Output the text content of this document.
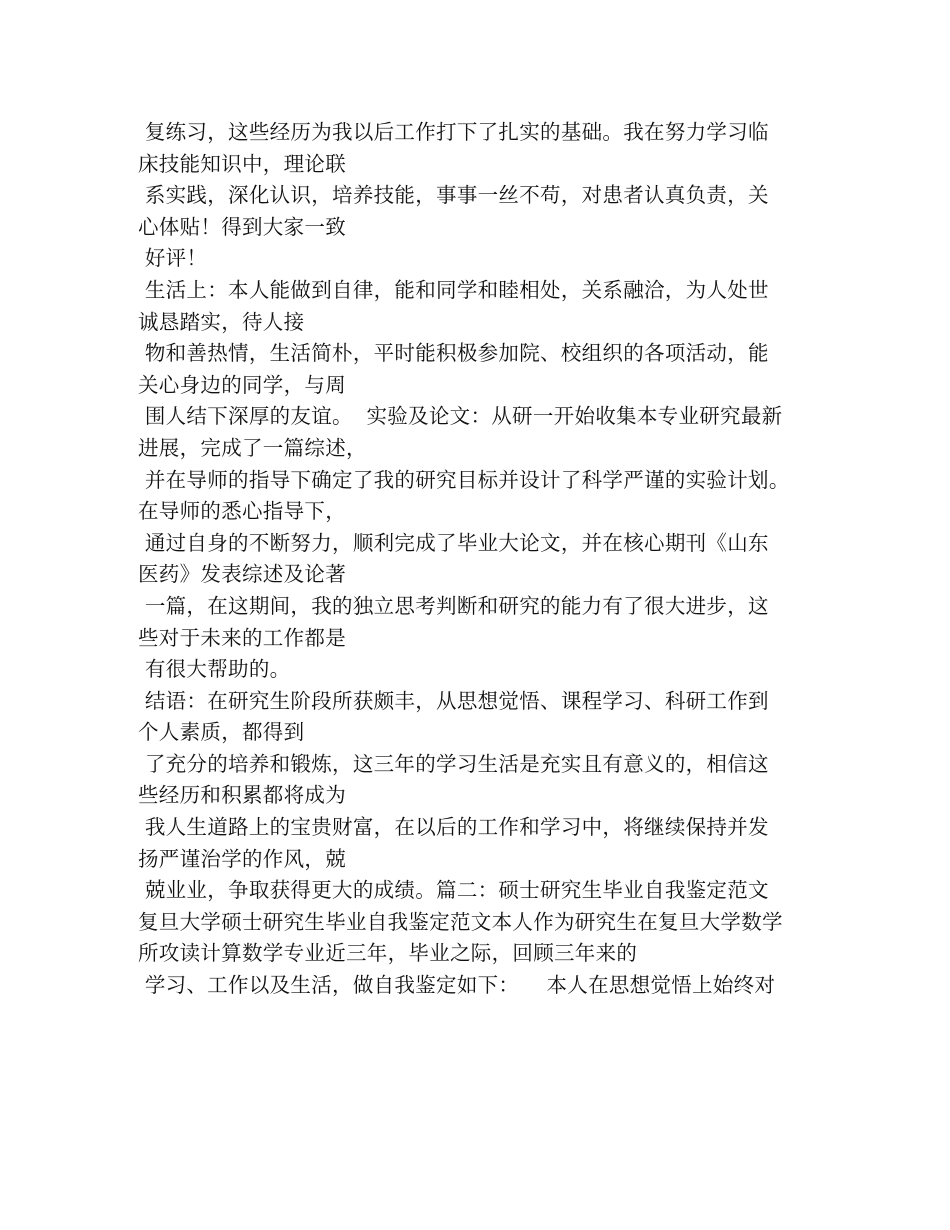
复练习，这些经历为我以后工作打下了扎实的基础。我在努力学习临
床技能知识中，理论联
系实践，深化认识，培养技能，事事一丝不苟，对患者认真负责，关
心体贴！得到大家一致
好评！
生活上：本人能做到自律，能和同学和睦相处，关系融洽，为人处世
诚恳踏实，待人接
物和善热情，生活简朴，平时能积极参加院、校组织的各项活动，能
关心身边的同学，与周
围人结下深厚的友谊。  实验及论文：从研一开始收集本专业研究最新
进展，完成了一篇综述，
并在导师的指导下确定了我的研究目标并设计了科学严谨的实验计划。
在导师的悉心指导下，
通过自身的不断努力，顺利完成了毕业大论文，并在核心期刊《山东
医药》发表综述及论著
一篇，在这期间，我的独立思考判断和研究的能力有了很大进步，这
些对于未来的工作都是
有很大帮助的。
结语：在研究生阶段所获颇丰，从思想觉悟、课程学习、科研工作到
个人素质，都得到
了充分的培养和锻炼，这三年的学习生活是充实且有意义的，相信这
些经历和积累都将成为
我人生道路上的宝贵财富，在以后的工作和学习中，将继续保持并发
扬严谨治学的作风，兢
兢业业，争取获得更大的成绩。篇二：硕士研究生毕业自我鉴定范文
复旦大学硕士研究生毕业自我鉴定范文本人作为研究生在复旦大学数学
所攻读计算数学专业近三年，毕业之际，回顾三年来的
学习、工作以及生活，做自我鉴定如下：    本人在思想觉悟上始终对
